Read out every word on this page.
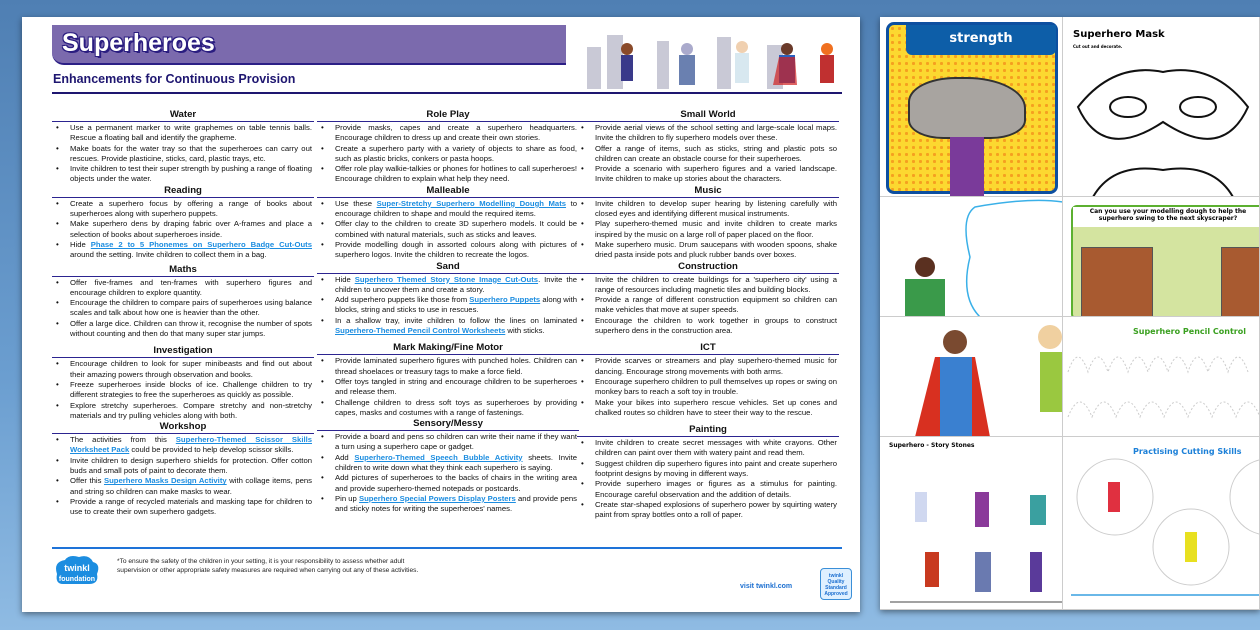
Superheroes
Enhancements for Continuous Provision
Water
• Use a permanent marker to write graphemes on table tennis balls. Rescue a floating ball and identify the grapheme.
• Make boats for the water tray so that the superheroes can carry out rescues. Provide plasticine, sticks, card, plastic trays, etc.
• Invite children to test their super strength by pushing a range of floating objects under the water.
Reading
• Create a superhero focus by offering a range of books about superheroes along with superhero puppets.
• Make superhero dens by draping fabric over A-frames and place a selection of books about superheroes inside.
• Hide Phase 2 to 5 Phonemes on Superhero Badge Cut-Outs around the setting. Invite children to collect them in a bag.
Maths
• Offer five-frames and ten-frames with superhero figures and encourage children to explore quantity.
• Encourage the children to compare pairs of superheroes using balance scales and talk about how one is heavier than the other.
• Offer a large dice. Children can throw it, recognise the number of spots without counting and then do that many super star jumps.
Investigation
• Encourage children to look for super minibeasts and find out about their amazing powers through observation and books.
• Freeze superheroes inside blocks of ice. Challenge children to try different strategies to free the superheroes as quickly as possible.
• Explore stretchy superheroes. Compare stretchy and non-stretchy materials and try pulling vehicles along with both.
Workshop
• The activities from this Superhero-Themed Scissor Skills Worksheet Pack could be provided to help develop scissor skills.
• Invite children to design superhero shields for protection. Offer cotton buds and small pots of paint to decorate them.
• Offer this Superhero Masks Design Activity with collage items, pens and string so children can make masks to wear.
• Provide a range of recycled materials and masking tape for children to use to create their own superhero gadgets.
Role Play
• Provide masks, capes and create a superhero headquarters. Encourage children to dress up and create their own stories.
• Create a superhero party with a variety of objects to share as food, such as plastic bricks, conkers or pasta hoops.
• Offer role play walkie-talkies or phones for hotlines to call superheroes! Encourage children to explain what help they need.
Malleable
• Use these Super-Stretchy Superhero Modelling Dough Mats to encourage children to shape and mould the required items.
• Offer clay to the children to create 3D superhero models. It could be combined with natural materials, such as sticks and leaves.
• Provide modelling dough in assorted colours along with pictures of superhero logos. Invite the children to recreate the logos.
Sand
• Hide Superhero Themed Story Stone Image Cut-Outs. Invite the children to uncover them and create a story.
• Add superhero puppets like those from Superhero Puppets along with blocks, string and sticks to use in rescues.
• In a shallow tray, invite children to follow the lines on laminated Superhero-Themed Pencil Control Worksheets with sticks.
Mark Making/Fine Motor
• Provide laminated superhero figures with punched holes. Children can thread shoelaces or treasury tags to make a force field.
• Offer toys tangled in string and encourage children to be superheroes and release them.
• Challenge children to dress soft toys as superheroes by providing capes, masks and costumes with a range of fastenings.
Sensory/Messy
• Provide a board and pens so children can write their name if they want a turn using a superhero cape or gadget.
• Add Superhero-Themed Speech Bubble Activity sheets. Invite children to write down what they think each superhero is saying.
• Add pictures of superheroes to the backs of chairs in the writing area and provide superhero-themed notepads or postcards.
• Pin up Superhero Special Powers Display Posters and provide pens and sticky notes for writing the superheroes' names.
Small World
• Provide aerial views of the school setting and large-scale local maps. Invite the children to fly superhero models over these.
• Offer a range of items, such as sticks, string and plastic pots so children can create an obstacle course for their superheroes.
• Provide a scenario with superhero figures and a varied landscape. Invite children to make up stories about the characters.
Music
• Invite children to develop super hearing by listening carefully with closed eyes and identifying different musical instruments.
• Play superhero-themed music and invite children to create marks inspired by the music on a large roll of paper placed on the floor.
• Make superhero music. Drum saucepans with wooden spoons, shake dried pasta inside pots and pluck rubber bands over boxes.
Construction
• Invite the children to create buildings for a 'superhero city' using a range of resources including magnetic tiles and building blocks.
• Provide a range of different construction equipment so children can make vehicles that move at super speeds.
• Encourage the children to work together in groups to construct superhero dens in the construction area.
ICT
• Provide scarves or streamers and play superhero-themed music for dancing. Encourage strong movements with both arms.
• Encourage superhero children to pull themselves up ropes or swing on monkey bars to reach a soft toy in trouble.
• Make your bikes into superhero rescue vehicles. Set up cones and chalked routes so children have to steer their way to the rescue.
Painting
• Invite children to create secret messages with white crayons. Other children can paint over them with watery paint and read them.
• Suggest children dip superhero figures into paint and create superhero footprint designs by moving in different ways.
• Provide superhero images or figures as a stimulus for painting. Encourage careful observation and the addition of details.
• Create star-shaped explosions of superhero power by squirting watery paint from spray bottles onto a roll of paper.
twinkl
foundation
*To ensure the safety of the children in your setting, it is your responsibility to assess whether adult supervision or other appropriate safety measures are required when carrying out any of these activities.
visit twinkl.com
twinkl Quality Standard Approved
strength	Superhero Mask
Cut out and decorate.
Can you use your modelling dough to help the superhero swing to the next skyscraper?
Superhero Pencil Control
Superhero - Story Stones
Practising Cutting Skills
